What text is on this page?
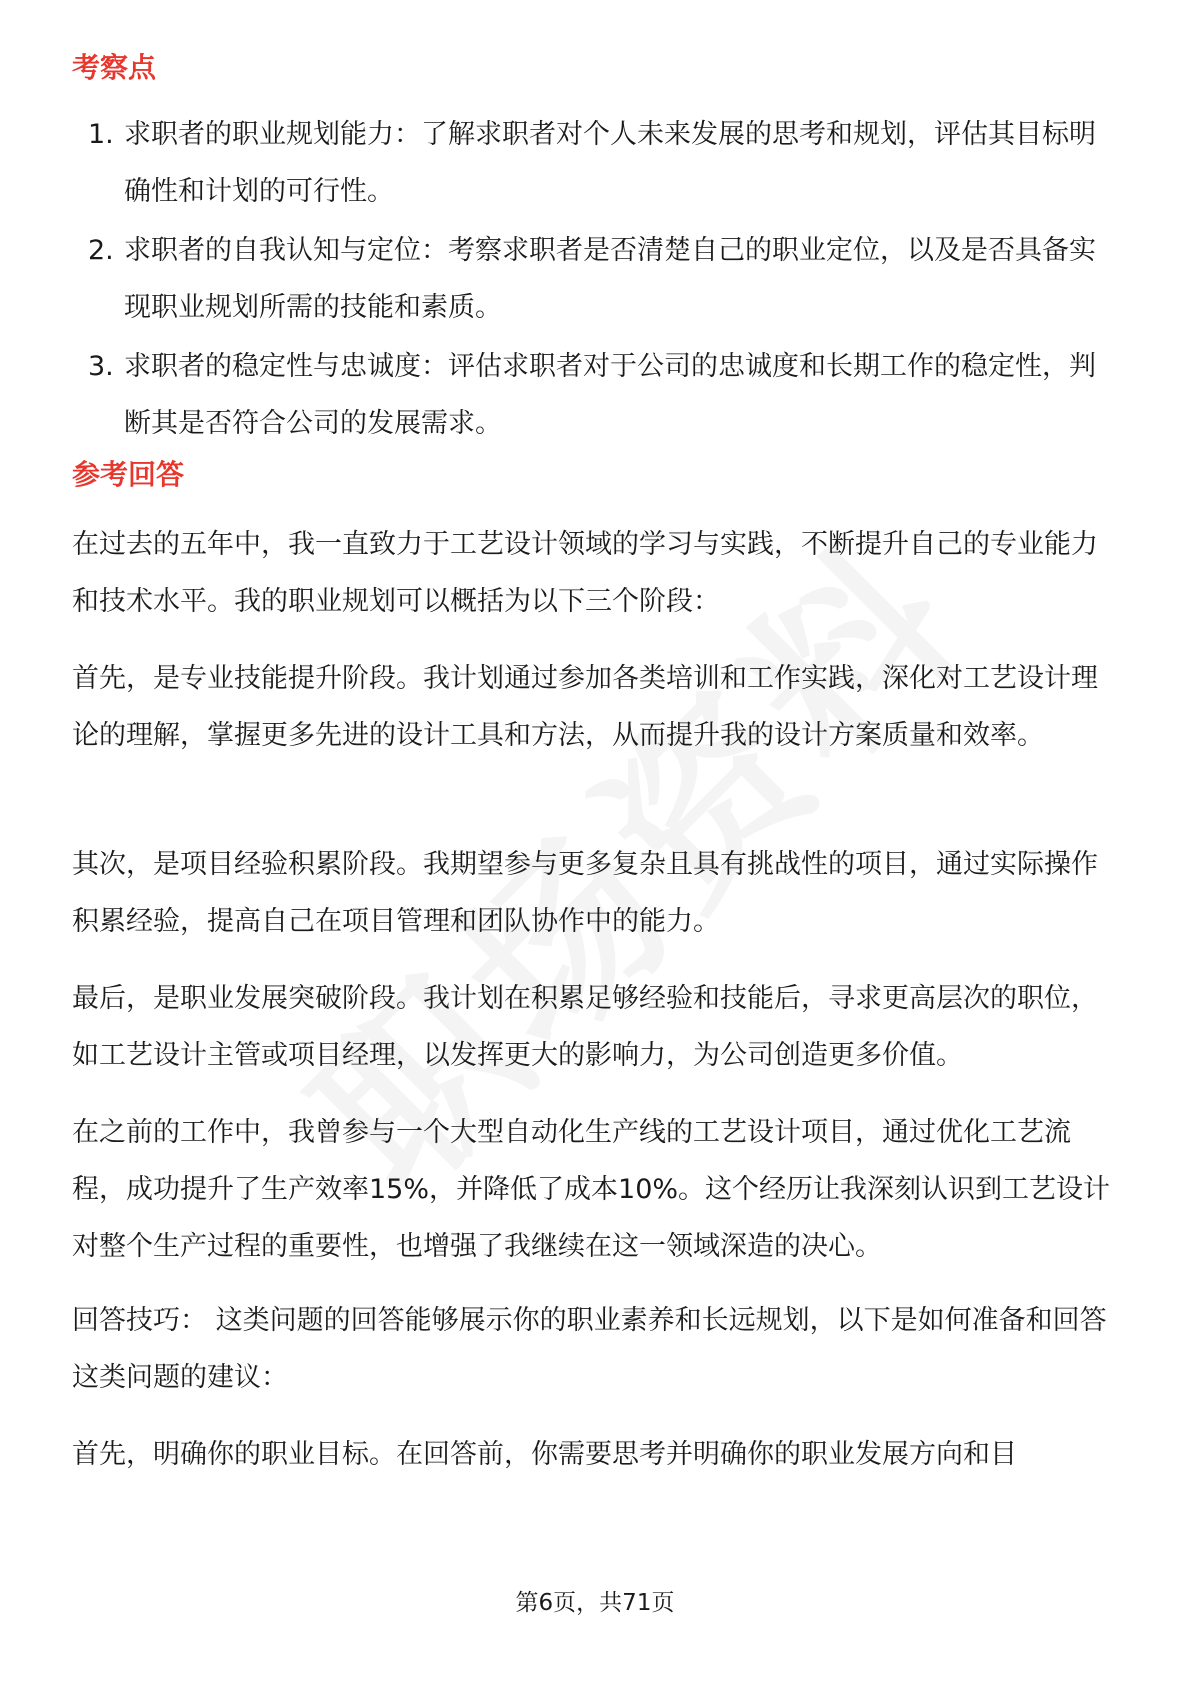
考察点
1. 求职者的职业规划能力：了解求职者对个人未来发展的思考和规划，评估其目标明确性和计划的可行性。
2. 求职者的自我认知与定位：考察求职者是否清楚自己的职业定位，以及是否具备实现职业规划所需的技能和素质。
3. 求职者的稳定性与忠诚度：评估求职者对于公司的忠诚度和长期工作的稳定性，判断其是否符合公司的发展需求。
参考回答

在过去的五年中，我一直致力于工艺设计领域的学习与实践，不断提升自己的专业能力和技术水平。我的职业规划可以概括为以下三个阶段：

首先，是专业技能提升阶段。我计划通过参加各类培训和工作实践，深化对工艺设计理论的理解，掌握更多先进的设计工具和方法，从而提升我的设计方案质量和效率。

其次，是项目经验积累阶段。我期望参与更多复杂且具有挑战性的项目，通过实际操作积累经验，提高自己在项目管理和团队协作中的能力。

最后，是职业发展突破阶段。我计划在积累足够经验和技能后，寻求更高层次的职位，如工艺设计主管或项目经理，以发挥更大的影响力，为公司创造更多价值。

在之前的工作中，我曾参与一个大型自动化生产线的工艺设计项目，通过优化工艺流程，成功提升了生产效率15%，并降低了成本10%。这个经历让我深刻认识到工艺设计对整个生产过程的重要性，也增强了我继续在这一领域深造的决心。

回答技巧： 这类问题的回答能够展示你的职业素养和长远规划，以下是如何准备和回答这类问题的建议：

首先，明确你的职业目标。在回答前，你需要思考并明确你的职业发展方向和目

第6页，共71页
